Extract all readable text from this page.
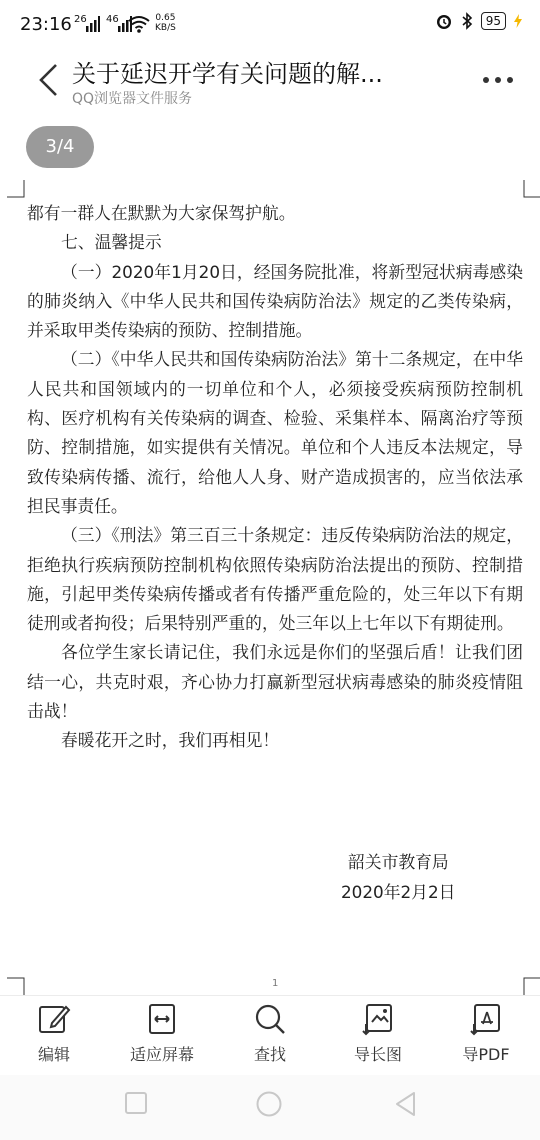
23:16 26 46	0.65
KB/S	95
关于延迟开学有关问题的解...
QQ浏览器文件服务
3/4

都有一群人在默默为大家保驾护航。

七、温馨提示

（一）2020年1月20日，经国务院批准，将新型冠状病毒感染的肺炎纳入《中华人民共和国传染病防治法》规定的乙类传染病，并采取甲类传染病的预防、控制措施。

（二）《中华人民共和国传染病防治法》第十二条规定，在中华人民共和国领域内的一切单位和个人，必须接受疾病预防控制机构、医疗机构有关传染病的调查、检验、采集样本、隔离治疗等预防、控制措施，如实提供有关情况。单位和个人违反本法规定，导致传染病传播、流行，给他人人身、财产造成损害的，应当依法承担民事责任。

（三）《刑法》第三百三十条规定：违反传染病防治法的规定，拒绝执行疾病预防控制机构依照传染病防治法提出的预防、控制措施，引起甲类传染病传播或者有传播严重危险的，处三年以下有期徒刑或者拘役；后果特别严重的，处三年以上七年以下有期徒刑。

各位学生家长请记住，我们永远是你们的坚强后盾！让我们团结一心，共克时艰，齐心协力打赢新型冠状病毒感染的肺炎疫情阻击战！

春暖花开之时，我们再相见！

韶关市教育局
2020年2月2日
1
编辑	适应屏幕	查找	导长图	导PDF
